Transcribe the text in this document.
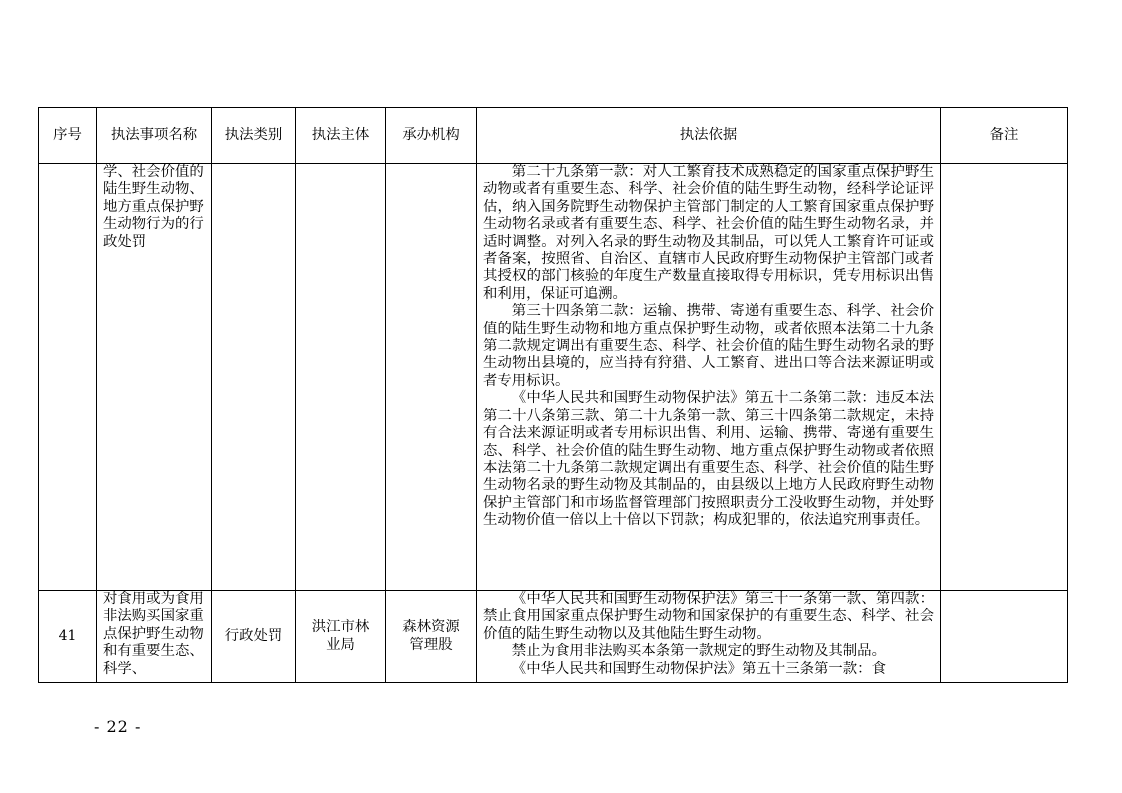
序号	执法事项名称	执法类别	执法主体	承办机构	执法依据	备注
	学、社会价值的陆生野生动物、地方重点保护野生动物行为的行政处罚				第二十九条第一款：对人工繁育技术成熟稳定的国家重点保护野生动物或者有重要生态、科学、社会价值的陆生野生动物，经科学论证评估，纳入国务院野生动物保护主管部门制定的人工繁育国家重点保护野生动物名录或者有重要生态、科学、社会价值的陆生野生动物名录，并适时调整。对列入名录的野生动物及其制品，可以凭人工繁育许可证或者备案，按照省、自治区、直辖市人民政府野生动物保护主管部门或者其授权的部门核验的年度生产数量直接取得专用标识，凭专用标识出售和利用，保证可追溯。

第三十四条第二款：运输、携带、寄递有重要生态、科学、社会价值的陆生野生动物和地方重点保护野生动物，或者依照本法第二十九条第二款规定调出有重要生态、科学、社会价值的陆生野生动物名录的野生动物出县境的，应当持有狩猎、人工繁育、进出口等合法来源证明或者专用标识。

《中华人民共和国野生动物保护法》第五十二条第二款：违反本法第二十八条第三款、第二十九条第一款、第三十四条第二款规定，未持有合法来源证明或者专用标识出售、利用、运输、携带、寄递有重要生态、科学、社会价值的陆生野生动物、地方重点保护野生动物或者依照本法第二十九条第二款规定调出有重要生态、科学、社会价值的陆生野生动物名录的野生动物及其制品的，由县级以上地方人民政府野生动物保护主管部门和市场监督管理部门按照职责分工没收野生动物，并处野生动物价值一倍以上十倍以下罚款；构成犯罪的，依法追究刑事责任。	

41	对食用或为食用非法购买国家重点保护野生动物和有重要生态、科学、	行政处罚	洪江市林业局	森林资源管理股	《中华人民共和国野生动物保护法》第三十一条第一款、第四款：禁止食用国家重点保护野生动物和国家保护的有重要生态、科学、社会价值的陆生野生动物以及其他陆生野生动物。

禁止为食用非法购买本条第一款规定的野生动物及其制品。

《中华人民共和国野生动物保护法》第五十三条第一款：食	

- 22 -
